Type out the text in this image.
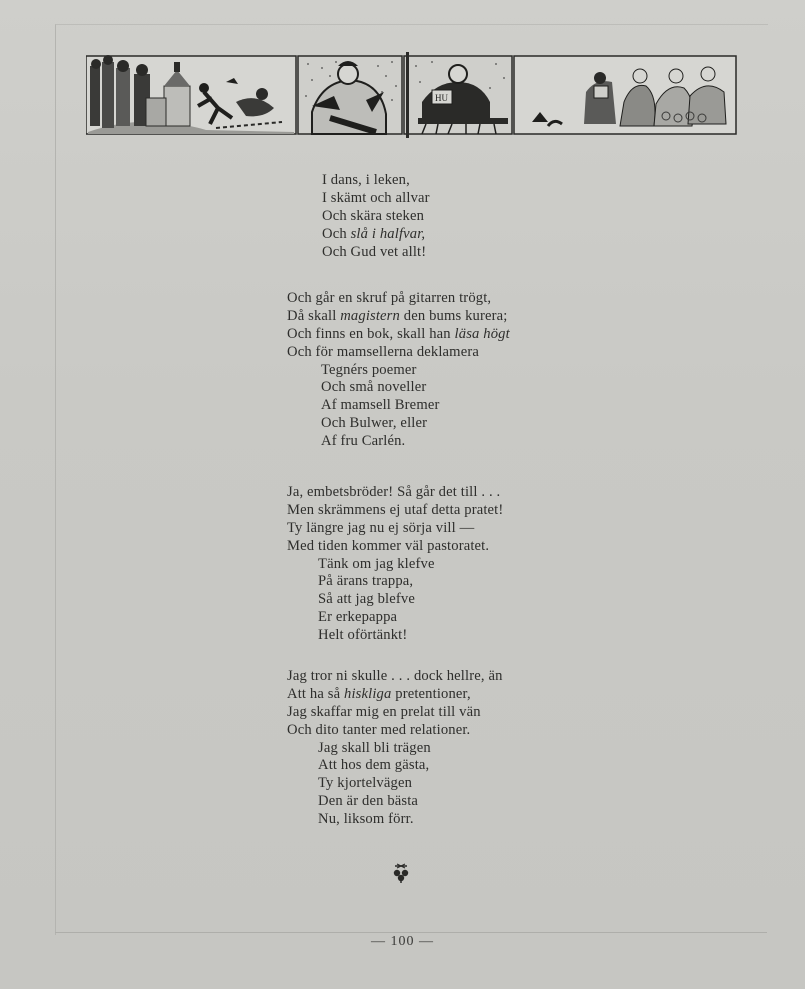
HU
I dans, i leken,
I skämt och allvar
Och skära steken
Och slå i halfvar,
Och Gud vet allt!
Och går en skruf på gitarren trögt,
Då skall magistern den bums kurera;
Och finns en bok, skall han läsa högt
Och för mamsellerna deklamera
Tegnérs poemer
Och små noveller
Af mamsell Bremer
Och Bulwer, eller
Af fru Carlén.
Ja, embetsbröder! Så går det till . . .
Men skrämmens ej utaf detta pratet!
Ty längre jag nu ej sörja vill —
Med tiden kommer väl pastoratet.
Tänk om jag klefve
På ärans trappa,
Så att jag blefve
Er erkepappa
Helt oförtänkt!
Jag tror ni skulle . . . dock hellre, än
Att ha så hiskliga pretentioner,
Jag skaffar mig en prelat till vän
Och dito tanter med relationer.
Jag skall bli trägen
Att hos dem gästa,
Ty kjortelvägen
Den är den bästa
Nu, liksom förr.
— 100 —
